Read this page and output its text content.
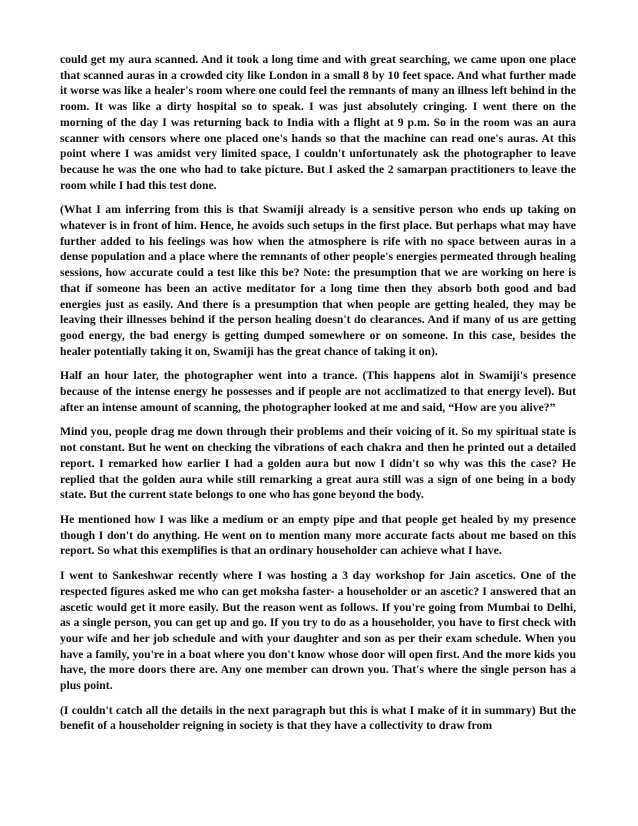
could get my aura scanned. And it took a long time and with great searching, we came upon one place that scanned auras in a crowded city like London in a small 8 by 10 feet space. And what further made it worse was like a healer's room where one could feel the remnants of many an illness left behind in the room. It was like a dirty hospital so to speak. I was just absolutely cringing. I went there on the morning of the day I was returning back to India with a flight at 9 p.m. So in the room was an aura scanner with censors where one placed one's hands so that the machine can read one's auras. At this point where I was amidst very limited space, I couldn't unfortunately ask the photographer to leave because he was the one who had to take picture. But I asked the 2 samarpan practitioners to leave the room while I had this test done.

(What I am inferring from this is that Swamiji already is a sensitive person who ends up taking on whatever is in front of him. Hence, he avoids such setups in the first place. But perhaps what may have further added to his feelings was how when the atmosphere is rife with no space between auras in a dense population and a place where the remnants of other people's energies permeated through healing sessions, how accurate could a test like this be? Note: the presumption that we are working on here is that if someone has been an active meditator for a long time then they absorb both good and bad energies just as easily. And there is a presumption that when people are getting healed, they may be leaving their illnesses behind if the person healing doesn't do clearances. And if many of us are getting good energy, the bad energy is getting dumped somewhere or on someone. In this case, besides the healer potentially taking it on, Swamiji has the great chance of taking it on).

Half an hour later, the photographer went into a trance. (This happens alot in Swamiji's presence because of the intense energy he possesses and if people are not acclimatized to that energy level). But after an intense amount of scanning, the photographer looked at me and said, “How are you alive?”

Mind you, people drag me down through their problems and their voicing of it. So my spiritual state is not constant. But he went on checking the vibrations of each chakra and then he printed out a detailed report. I remarked how earlier I had a golden aura but now I didn't so why was this the case? He replied that the golden aura while still remarking a great aura still was a sign of one being in a body state. But the current state belongs to one who has gone beyond the body.

He mentioned how I was like a medium or an empty pipe and that people get healed by my presence though I don't do anything. He went on to mention many more accurate facts about me based on this report. So what this exemplifies is that an ordinary householder can achieve what I have.

I went to Sankeshwar recently where I was hosting a 3 day workshop for Jain ascetics. One of the respected figures asked me who can get moksha faster- a householder or an ascetic? I answered that an ascetic would get it more easily. But the reason went as follows. If you're going from Mumbai to Delhi, as a single person, you can get up and go. If you try to do as a householder, you have to first check with your wife and her job schedule and with your daughter and son as per their exam schedule. When you have a family, you're in a boat where you don't know whose door will open first. And the more kids you have, the more doors there are. Any one member can drown you. That's where the single person has a plus point.

(I couldn't catch all the details in the next paragraph but this is what I make of it in summary) But the benefit of a householder reigning in society is that they have a collectivity to draw from
